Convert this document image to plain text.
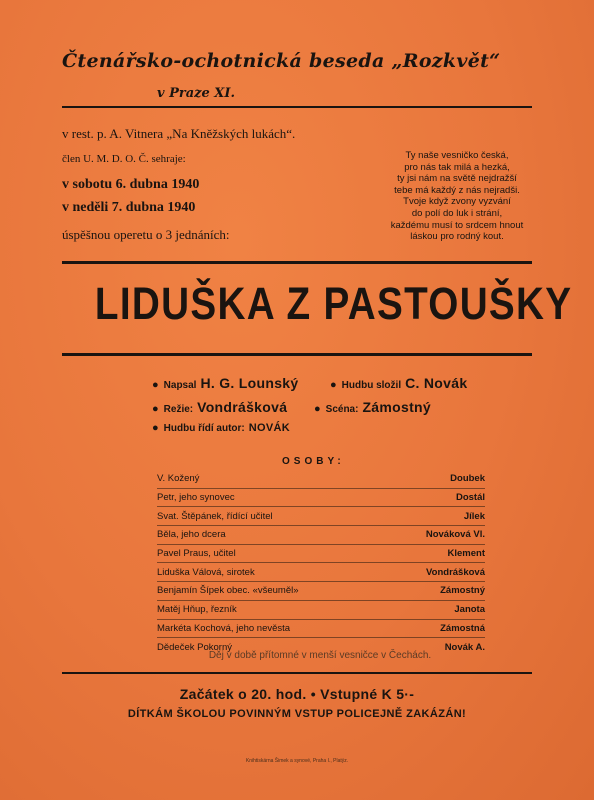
Čtenářsko-ochotnická beseda „Rozkvět“
v Praze XI.
v rest. p. A. Vitnera „Na Kněžských lukách“.
člen U. M. D. O. Č. sehraje:
v sobotu 6. dubna 1940
v neděli 7. dubna 1940
úspěšnou operetu o 3 jednáních:
Ty naše vesničko česká,
pro nás tak milá a hezká,
ty jsi nám na světě nejdražší
tebe má každý z nás nejradši.
Tvoje když zvony vyzvání
do polí do luk i strání,
každému musí to srdcem hnout
láskou pro rodný kout.
LIDUŠKA Z PASTOUŠKY
● Napsal H. G. Lounský	● Hudbu složil C. Novák
● Režie: Vondrášková ● Scéna: Zámostný
● Hudbu řídí autor: NOVÁK
OSOBY:
V. Kožený	Doubek
Petr, jeho synovec	Dostál
Svat. Štěpánek, řídící učitel	Jílek
Běla, jeho dcera	Nováková Vl.
Pavel Praus, učitel	Klement
Liduška Válová, sirotek	Vondrášková
Benjamín Šípek obec. «všeuměl»	Zámostný
Matěj Hňup, řezník	Janota
Markéta Kochová, jeho nevěsta	Zámostná
Dědeček Pokorný	Novák A.
Děj v době přítomné v menší vesničce v Čechách.
Začátek o 20. hod. • Vstupné K 5·-
DÍTKÁM ŠKOLOU POVINNÝM VSTUP POLICEJNĚ ZAKÁZÁN!
Knihtiskárna Šimek a synové, Praha I., Platýz.
